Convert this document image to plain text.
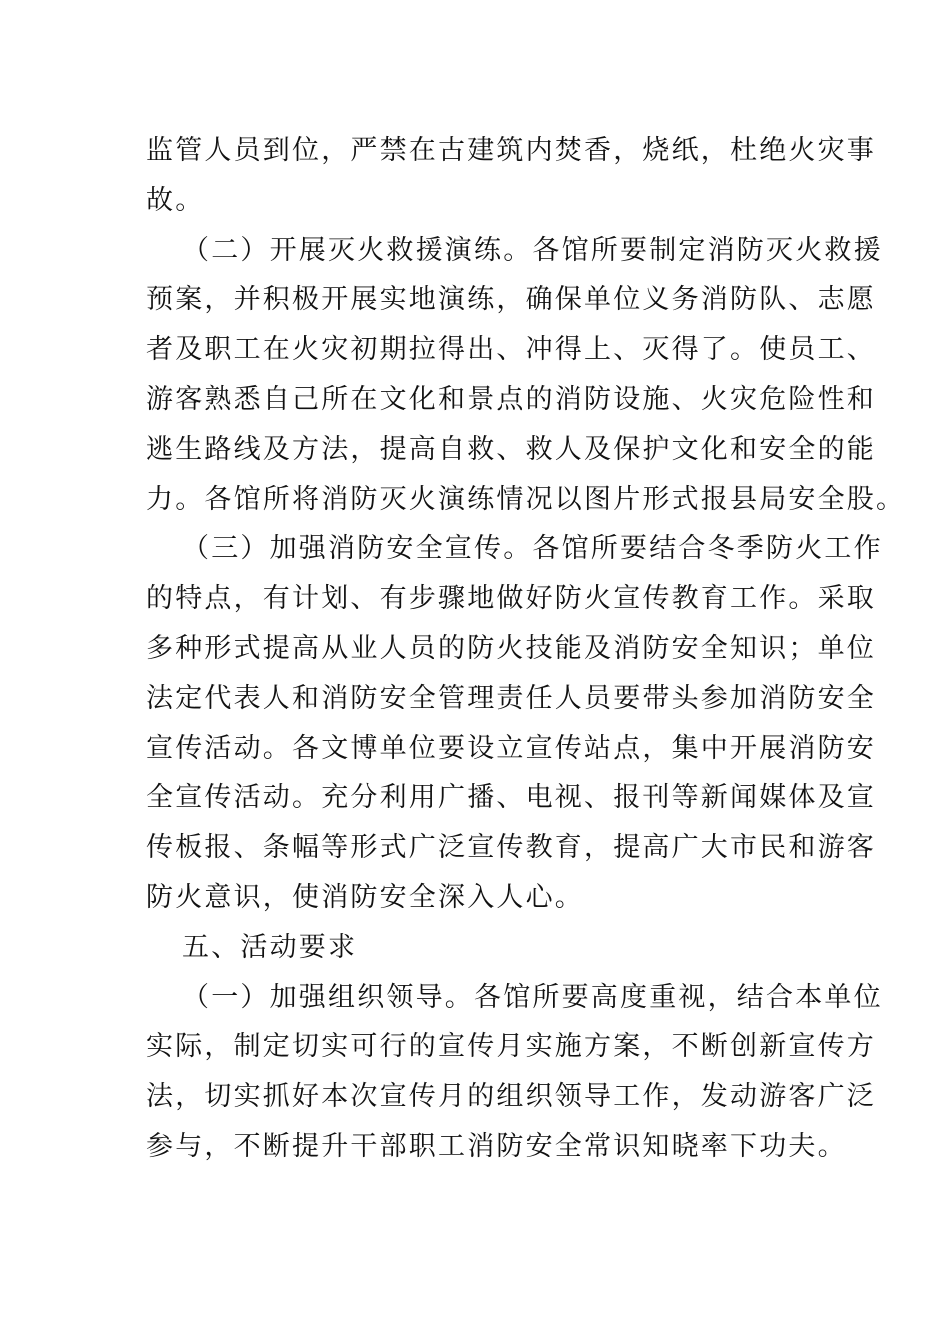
监管人员到位，严禁在古建筑内焚香，烧纸，杜绝火灾事
故。
（二）开展灭火救援演练。各馆所要制定消防灭火救援
预案，并积极开展实地演练，确保单位义务消防队、志愿
者及职工在火灾初期拉得出、冲得上、灭得了。使员工、
游客熟悉自己所在文化和景点的消防设施、火灾危险性和
逃生路线及方法，提高自救、救人及保护文化和安全的能
力。各馆所将消防灭火演练情况以图片形式报县局安全股。
（三）加强消防安全宣传。各馆所要结合冬季防火工作
的特点，有计划、有步骤地做好防火宣传教育工作。采取
多种形式提高从业人员的防火技能及消防安全知识；单位
法定代表人和消防安全管理责任人员要带头参加消防安全
宣传活动。各文博单位要设立宣传站点，集中开展消防安
全宣传活动。充分利用广播、电视、报刊等新闻媒体及宣
传板报、条幅等形式广泛宣传教育，提高广大市民和游客
防火意识，使消防安全深入人心。
五、活动要求
（一）加强组织领导。各馆所要高度重视，结合本单位
实际，制定切实可行的宣传月实施方案，不断创新宣传方
法，切实抓好本次宣传月的组织领导工作，发动游客广泛
参与，不断提升干部职工消防安全常识知晓率下功夫。
